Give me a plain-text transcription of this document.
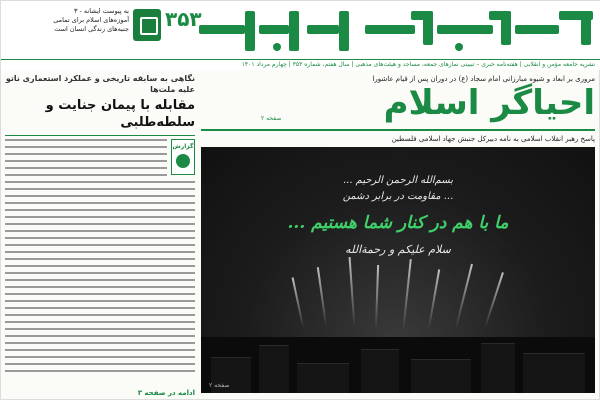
۳۵۳
به پیوست ایشانه - ۳
آموزه‌های اسلام برای تمامی
جنبه‌های زندگی انسان است
نشریه جامعه مؤمن و انقلابی | هفته‌نامه خبری – تبیینی نمازهای جمعه، مساجد و هیئت‌های مذهبی | سال هفتم، شماره ۳۵۳ | چهارم مرداد ۱۴۰۱
مروری بر ابعاد و شیوه مبارزانی امام سجاد (ع) در دوران پس از قیام عاشورا
احیاگر اسلام
صفحه ۲
پاسخ رهبر انقلاب اسلامی به نامه دبیرکل جنبش جهاد اسلامی فلسطین
بسم‌الله الرحمن الرحیم ...
... مقاومت در برابر دشمن
ما با هم در کنار شما هستیم ...
سلام علیکم و رحمة‌الله
صفحه ۲
نگاهی به سابقه تاریخی و عملکرد استعماری ناتو علیه ملت‌ها
مقابله با پیمان جنایت و سلطه‌طلبی
گزارش
ادامه در صفحه ۳
